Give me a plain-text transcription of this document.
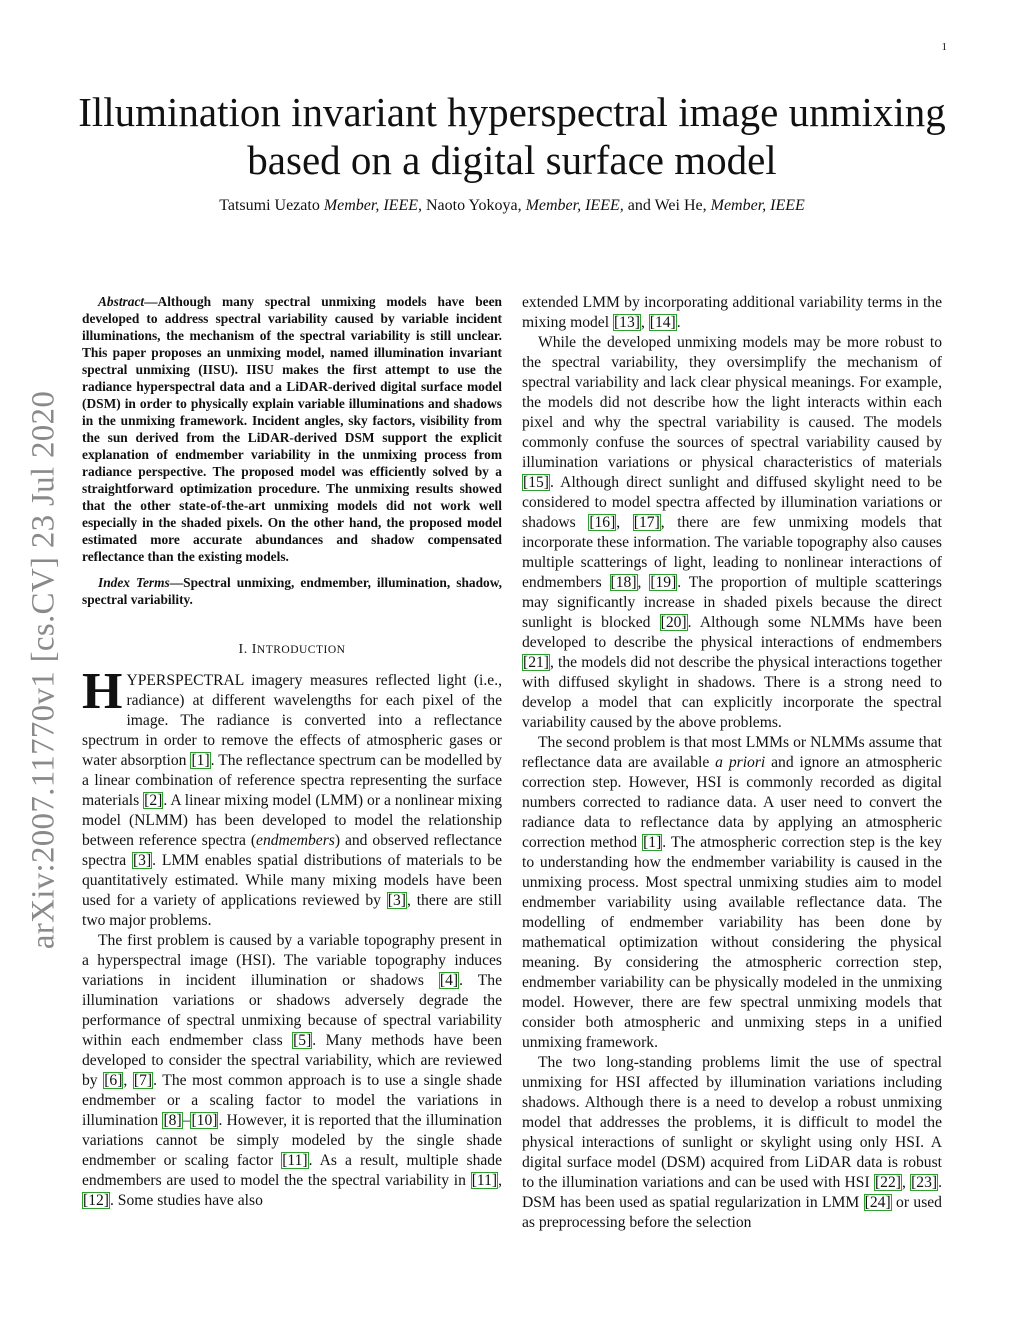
1
arXiv:2007.11770v1 [cs.CV] 23 Jul 2020
Illumination invariant hyperspectral image unmixing based on a digital surface model
Tatsumi Uezato Member, IEEE, Naoto Yokoya, Member, IEEE, and Wei He, Member, IEEE

Abstract—Although many spectral unmixing models have been developed to address spectral variability caused by variable incident illuminations, the mechanism of the spectral variability is still unclear. This paper proposes an unmixing model, named illumination invariant spectral unmixing (IISU). IISU makes the first attempt to use the radiance hyperspectral data and a LiDAR-derived digital surface model (DSM) in order to physically explain variable illuminations and shadows in the unmixing framework. Incident angles, sky factors, visibility from the sun derived from the LiDAR-derived DSM support the explicit explanation of endmember variability in the unmixing process from radiance perspective. The proposed model was efficiently solved by a straightforward optimization procedure. The unmixing results showed that the other state-of-the-art unmixing models did not work well especially in the shaded pixels. On the other hand, the proposed model estimated more accurate abundances and shadow compensated reflectance than the existing models.

Index Terms—Spectral unmixing, endmember, illumination, shadow, spectral variability.

I. INTRODUCTION

HYPERSPECTRAL imagery measures reflected light (i.e., radiance) at different wavelengths for each pixel of the image. The radiance is converted into a reflectance spectrum in order to remove the effects of atmospheric gases or water absorption [1]. The reflectance spectrum can be modelled by a linear combination of reference spectra representing the surface materials [2]. A linear mixing model (LMM) or a nonlinear mixing model (NLMM) has been developed to model the relationship between reference spectra (endmembers) and observed reflectance spectra [3]. LMM enables spatial distributions of materials to be quantitatively estimated. While many mixing models have been used for a variety of applications reviewed by [3], there are still two major problems.

The first problem is caused by a variable topography present in a hyperspectral image (HSI). The variable topography induces variations in incident illumination or shadows [4]. The illumination variations or shadows adversely degrade the performance of spectral unmixing because of spectral variability within each endmember class [5]. Many methods have been developed to consider the spectral variability, which are reviewed by [6], [7]. The most common approach is to use a single shade endmember or a scaling factor to model the variations in illumination [8]–[10]. However, it is reported that the illumination variations cannot be simply modeled by the single shade endmember or scaling factor [11]. As a result, multiple shade endmembers are used to model the the spectral variability in [11], [12]. Some studies have also

extended LMM by incorporating additional variability terms in the mixing model [13], [14].

While the developed unmixing models may be more robust to the spectral variability, they oversimplify the mechanism of spectral variability and lack clear physical meanings. For example, the models did not describe how the light interacts within each pixel and why the spectral variability is caused. The models commonly confuse the sources of spectral variability caused by illumination variations or physical characteristics of materials [15]. Although direct sunlight and diffused skylight need to be considered to model spectra affected by illumination variations or shadows [16], [17], there are few unmixing models that incorporate these information. The variable topography also causes multiple scatterings of light, leading to nonlinear interactions of endmembers [18], [19]. The proportion of multiple scatterings may significantly increase in shaded pixels because the direct sunlight is blocked [20]. Although some NLMMs have been developed to describe the physical interactions of endmembers [21], the models did not describe the physical interactions together with diffused skylight in shadows. There is a strong need to develop a model that can explicitly incorporate the spectral variability caused by the above problems.

The second problem is that most LMMs or NLMMs assume that reflectance data are available a priori and ignore an atmospheric correction step. However, HSI is commonly recorded as digital numbers corrected to radiance data. A user need to convert the radiance data to reflectance data by applying an atmospheric correction method [1]. The atmospheric correction step is the key to understanding how the endmember variability is caused in the unmixing process. Most spectral unmixing studies aim to model endmember variability using available reflectance data. The modelling of endmember variability has been done by mathematical optimization without considering the physical meaning. By considering the atmospheric correction step, endmember variability can be physically modeled in the unmixing model. However, there are few spectral unmixing models that consider both atmospheric and unmixing steps in a unified unmixing framework.

The two long-standing problems limit the use of spectral unmixing for HSI affected by illumination variations including shadows. Although there is a need to develop a robust unmixing model that addresses the problems, it is difficult to model the physical interactions of sunlight or skylight using only HSI. A digital surface model (DSM) acquired from LiDAR data is robust to the illumination variations and can be used with HSI [22], [23]. DSM has been used as spatial regularization in LMM [24] or used as preprocessing before the selection
